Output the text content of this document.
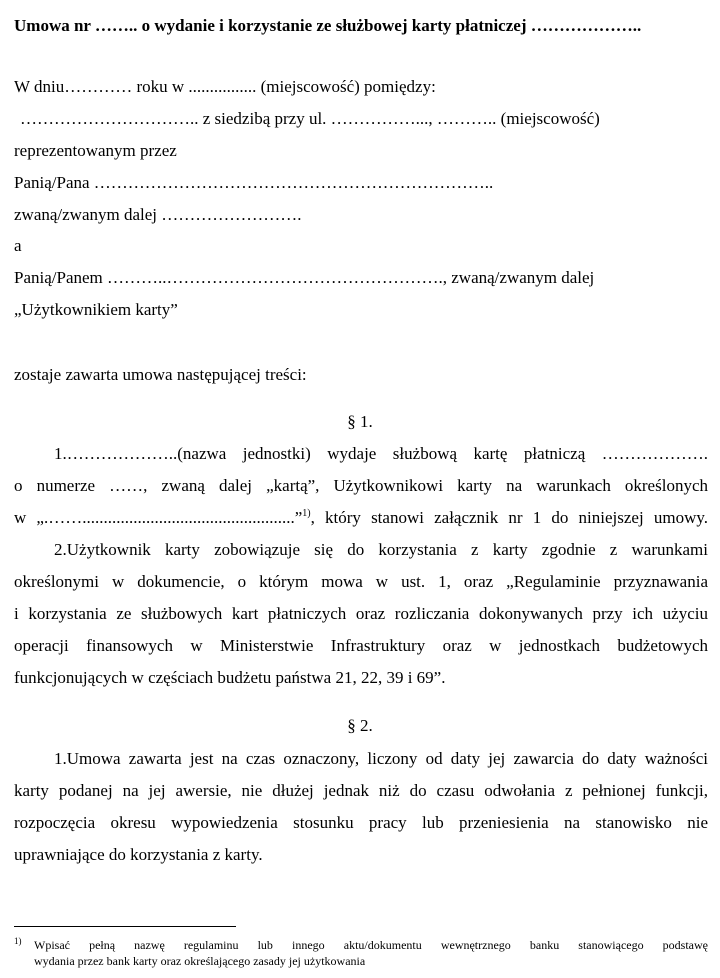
Umowa nr …….. o wydanie i korzystanie ze służbowej karty płatniczej ………………..
W dniu………… roku w ................ (miejscowość) pomiędzy:
………………………….. z siedzibą przy ul. ……………..., ……….. (miejscowość)
reprezentowanym przez
Panią/Pana ……………………………………………………………..
zwaną/zwanym dalej …………………….
a
Panią/Panem ………..…………………………………………., zwaną/zwanym dalej
„Użytkownikiem karty”
zostaje zawarta umowa następującej treści:
§ 1.
1.………………..(nazwa jednostki) wydaje służbową kartę płatniczą ……………….
o numerze ……, zwaną dalej „kartą”, Użytkownikowi karty na warunkach określonych
w „.……..................................................”$^{1)}$, który stanowi załącznik nr 1 do niniejszej umowy.
2.Użytkownik karty zobowiązuje się do korzystania z karty zgodnie z warunkami
określonymi w dokumencie, o którym mowa w ust. 1, oraz „Regulaminie przyznawania
i korzystania ze służbowych kart płatniczych oraz rozliczania dokonywanych przy ich użyciu
operacji finansowych w Ministerstwie Infrastruktury oraz w jednostkach budżetowych
funkcjonujących w częściach budżetu państwa 21, 22, 39 i 69”.
§ 2.
1.Umowa zawarta jest na czas oznaczony, liczony od daty jej zawarcia do daty ważności
karty podanej na jej awersie, nie dłużej jednak niż do czasu odwołania z pełnionej funkcji,
rozpoczęcia okresu wypowiedzenia stosunku pracy lub przeniesienia na stanowisko nie
uprawniające do korzystania z karty.
1) Wpisać pełną nazwę regulaminu lub innego aktu/dokumentu wewnętrznego banku stanowiącego podstawę
wydania przez bank karty oraz określającego zasady jej użytkowania
